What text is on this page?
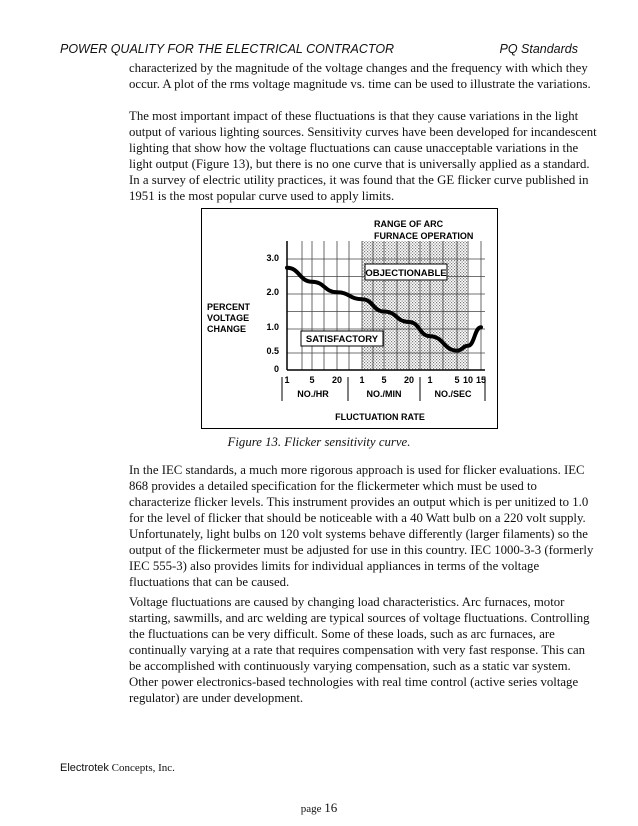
POWER QUALITY FOR THE ELECTRICAL CONTRACTOR	PQ Standards

characterized by the magnitude of the voltage changes and the frequency with which they occur. A plot of the rms voltage magnitude vs. time can be used to illustrate the variations.

The most important impact of these fluctuations is that they cause variations in the light output of various lighting sources. Sensitivity curves have been developed for incandescent lighting that show how the voltage fluctuations can cause unacceptable variations in the light output (Figure 13), but there is no one curve that is universally applied as a standard. In a survey of electric utility practices, it was found that the GE flicker curve published in 1951 is the most popular curve used to apply limits.

OBJECTIONABLE
SATISFACTORY
RANGE OF ARC
FURNACE OPERATION
PERCENT
VOLTAGE
CHANGE
3.0
2.0
1.0
0.5
0
1 5 20	5 20 1 5 10 15
1
NO./HR	NO./MIN	NO./SEC
FLUCTUATION RATE
Figure 13. Flicker sensitivity curve.

In the IEC standards, a much more rigorous approach is used for flicker evaluations. IEC 868 provides a detailed specification for the flickermeter which must be used to characterize flicker levels. This instrument provides an output which is per unitized to 1.0 for the level of flicker that should be noticeable with a 40 Watt bulb on a 220 volt supply. Unfortunately, light bulbs on 120 volt systems behave differently (larger filaments) so the output of the flickermeter must be adjusted for use in this country. IEC 1000-3-3 (formerly IEC 555-3) also provides limits for individual appliances in terms of the voltage fluctuations that can be caused.

Voltage fluctuations are caused by changing load characteristics. Arc furnaces, motor starting, sawmills, and arc welding are typical sources of voltage fluctuations. Controlling the fluctuations can be very difficult. Some of these loads, such as arc furnaces, are continually varying at a rate that requires compensation with very fast response. This can be accomplished with continuously varying compensation, such as a static var system. Other power electronics-based technologies with real time control (active series voltage regulator) are under development.

Electrotek Concepts, Inc.
page 16
